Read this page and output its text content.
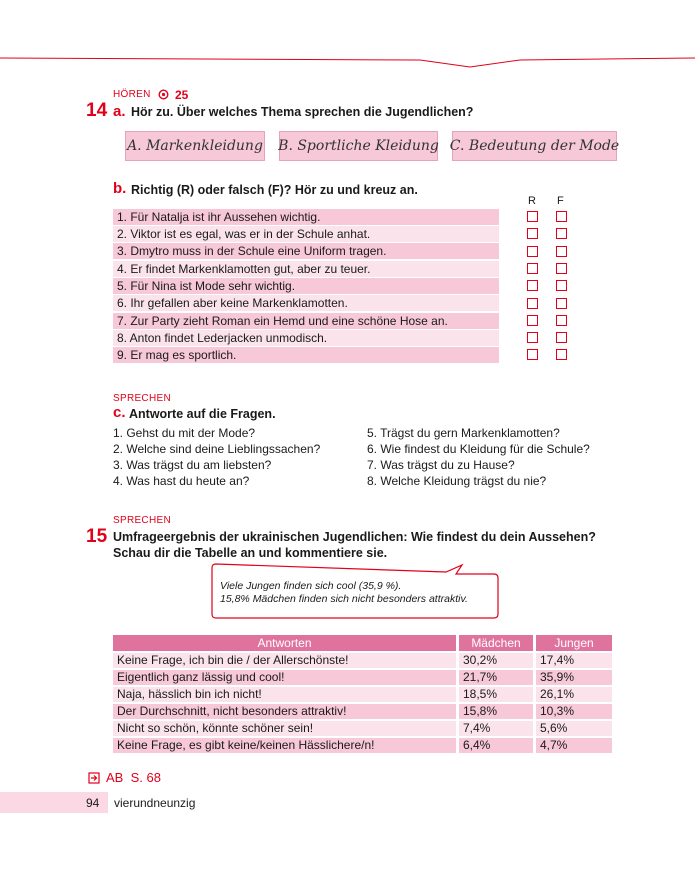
HÖREN 25
14 a. Hör zu. Über welches Thema sprechen die Jugendlichen?
A. Markenkleidung B. Sportliche Kleidung C. Bedeutung der Mode
b. Richtig (R) oder falsch (F)? Hör zu und kreuz an.
R F
1. Für Natalja ist ihr Aussehen wichtig.
2. Viktor ist es egal, was er in der Schule anhat.
3. Dmytro muss in der Schule eine Uniform tragen.
4. Er findet Markenklamotten gut, aber zu teuer.
5. Für Nina ist Mode sehr wichtig.
6. Ihr gefallen aber keine Markenklamotten.
7. Zur Party zieht Roman ein Hemd und eine schöne Hose an.
8. Anton findet Lederjacken unmodisch.
9. Er mag es sportlich.
SPRECHEN
c. Antworte auf die Fragen.
1. Gehst du mit der Mode?
2. Welche sind deine Lieblingssachen?
3. Was trägst du am liebsten?
4. Was hast du heute an?
5. Trägst du gern Markenklamotten?
6. Wie findest du Kleidung für die Schule?
7. Was trägst du zu Hause?
8. Welche Kleidung trägst du nie?
SPRECHEN
15 Umfrageergebnis der ukrainischen Jugendlichen: Wie findest du dein Aussehen?
Schau dir die Tabelle an und kommentiere sie.
Viele Jungen finden sich cool (35,9 %).
15,8% Mädchen finden sich nicht besonders attraktiv.
Antworten	Mädchen	Jungen
Keine Frage, ich bin die / der Allerschönste!	30,2%	17,4%
Eigentlich ganz lässig und cool!	21,7%	35,9%
Naja, hässlich bin ich nicht!	18,5%	26,1%
Der Durchschnitt, nicht besonders attraktiv!	15,8%	10,3%
Nicht so schön, könnte schöner sein!	7,4%	5,6%
Keine Frage, es gibt keine/keinen Hässlichere/n!	6,4%	4,7%
AB  S. 68
94 vierundneunzig
